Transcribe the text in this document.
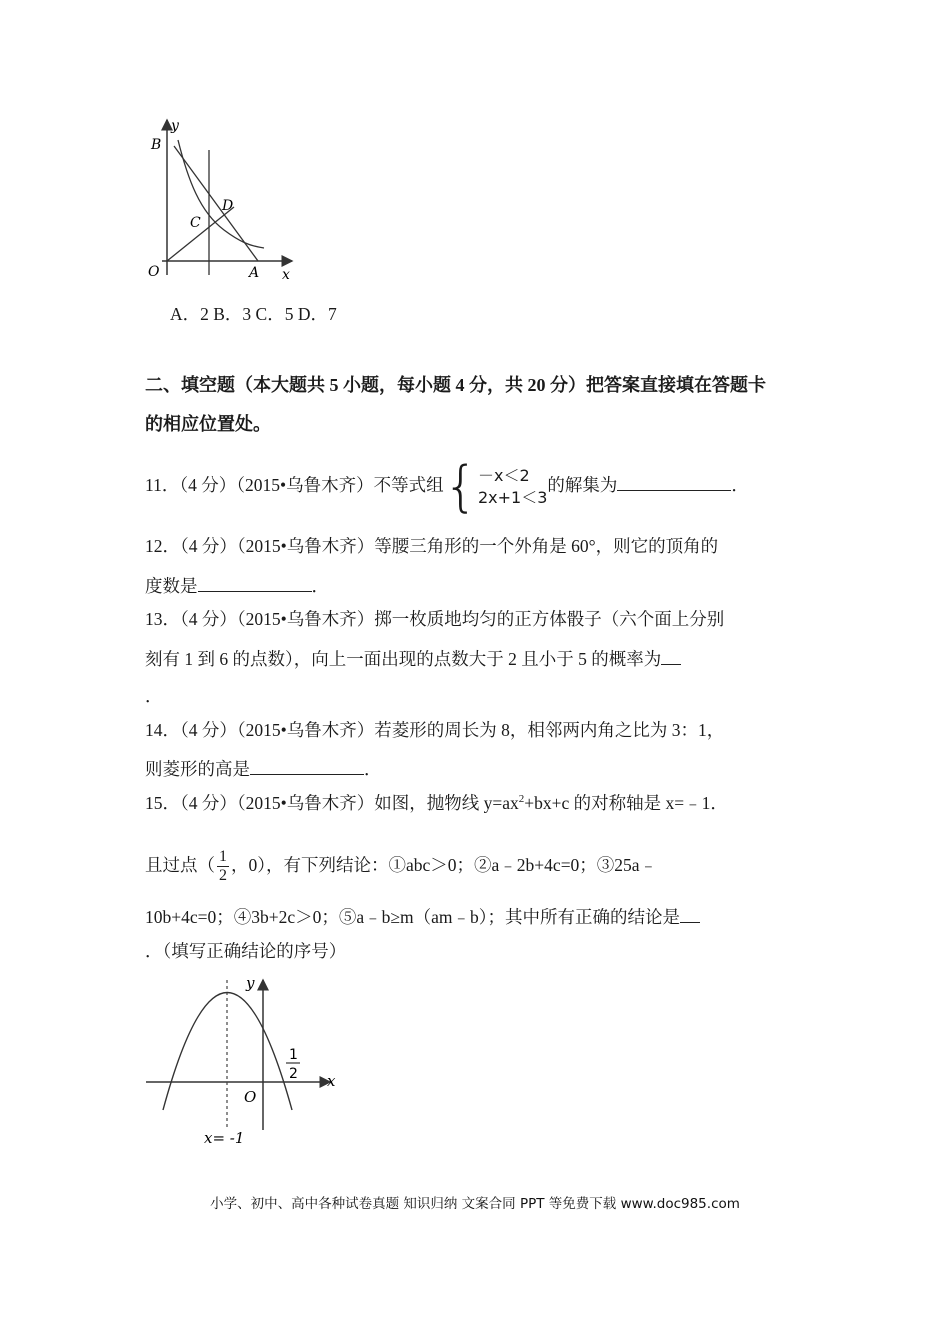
y
B
D
C
O	A x
A．2 B．3 C．5 D．7
二、填空题（本大题共 5 小题，每小题 4 分，共 20 分）把答案直接填在答题卡
的相应位置处。
11．（4 分）（2015•乌鲁木齐）不等式组{ －x＜2
2x+1＜3
的解集为	．
12．（4 分）（2015•乌鲁木齐）等腰三角形的一个外角是 60°，则它的顶角的
度数是	．
13．（4 分）（2015•乌鲁木齐）掷一枚质地均匀的正方体骰子（六个面上分别
刻有 1 到 6 的点数），向上一面出现的点数大于 2 且小于 5 的概率为
．
14．（4 分）（2015•乌鲁木齐）若菱形的周长为 8，相邻两内角之比为 3：1，
则菱形的高是	．
15．（4 分）（2015•乌鲁木齐）如图，抛物线 $y=ax^2+bx+c$ 的对称轴是 x=﹣1．
且过点（ $\frac{1}{2}$ ，0），有下列结论：①abc＞0；②a﹣2b+4c=0；③25a﹣
10b+4c=0；④3b+2c＞0；⑤a﹣b≥m（am﹣b）；其中所有正确的结论是
．（填写正确结论的序号）
y
x
O
1
2
x= -1
小学、初中、高中各种试卷真题 知识归纳 文案合同 PPT 等免费下载 www.doc985.com
